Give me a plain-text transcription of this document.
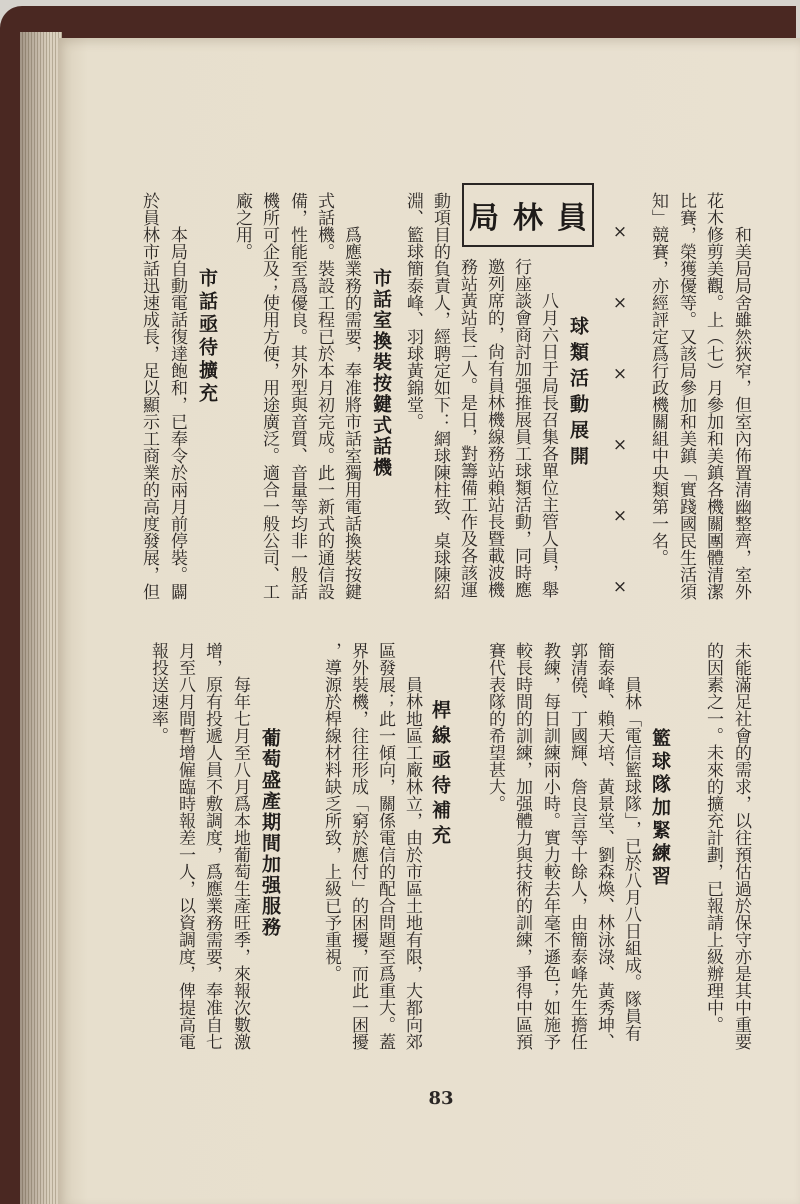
和美局局舍雖然狹窄，但室內佈置清幽整齊，室外
花木修剪美觀。上（七）月參加和美鎮各機關團體清潔
比賽，榮獲優等。又該局參加和美鎮「實踐國民生活須
知」競賽，亦經評定爲行政機關組中央類第一名。
×　×　×　×　×　×
局林員
球類活動展開
八月六日于局長召集各單位主管人員，舉
行座談會商討加强推展員工球類活動，同時應
邀列席的，尙有員林機線務站賴站長暨載波機
務站黃站長二人。是日，對籌備工作及各該運
動項目的負責人，經聘定如下：網球陳柱致、桌球陳紹
淵、籃球簡泰峰、羽球黃錦堂。
市話室換裝按鍵式話機
爲應業務的需要，奉准將市話室獨用電話換裝按鍵
式話機。裝設工程已於本月初完成。此一新式的通信設
備，性能至爲優良。其外型與音質、音量等均非一般話
機所可企及；使用方便，用途廣泛。適合一般公司、工
廠之用。
市話亟待擴充
本局自動電話復達飽和，已奉令於兩月前停裝。闢
於員林市話迅速成長，足以顯示工商業的高度發展，但
未能滿足社會的需求，以往預估過於保守亦是其中重要
的因素之一。未來的擴充計劃，已報請上級辦理中。
籃球隊加緊練習
員林「電信籃球隊」，已於八月八日組成。隊員有
簡泰峰、賴天培、黃景堂、劉森煥、林泳淥、黃秀坤、
郭清僥、丁國輝、詹良言等十餘人，由簡泰峰先生擔任
教練，每日訓練兩小時。實力較去年毫不遜色；如施予
較長時間的訓練，加强體力與技術的訓練，爭得中區預
賽代表隊的希望甚大。
桿線亟待補充
員林地區工廠林立，由於市區土地有限，大都向郊
區發展；此一傾向，關係電信的配合問題至爲重大。蓋
界外裝機，往往形成「窮於應付」的困擾，而此一困擾
，導源於桿線材料缺乏所致，上級已予重視。
葡萄盛產期間加强服務
每年七月至八月爲本地葡萄生產旺季，來報次數激
增，原有投遞人員不敷調度，爲應業務需要，奉准自七
月至八月間暫增僱臨時報差一人，以資調度，俾提高電
報投送速率。
83
